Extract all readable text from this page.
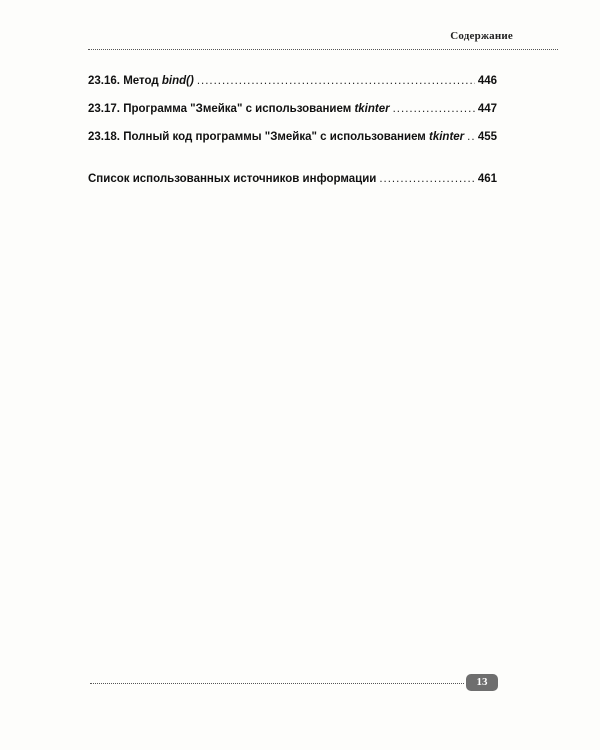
Содержание
23.16. Метод bind() .....	446
23.17. Программа "Змейка" с использованием tkinter .....	447
23.18. Полный код программы "Змейка" с использованием tkinter ..... 455
Список использованных источников информации .....	461
13
